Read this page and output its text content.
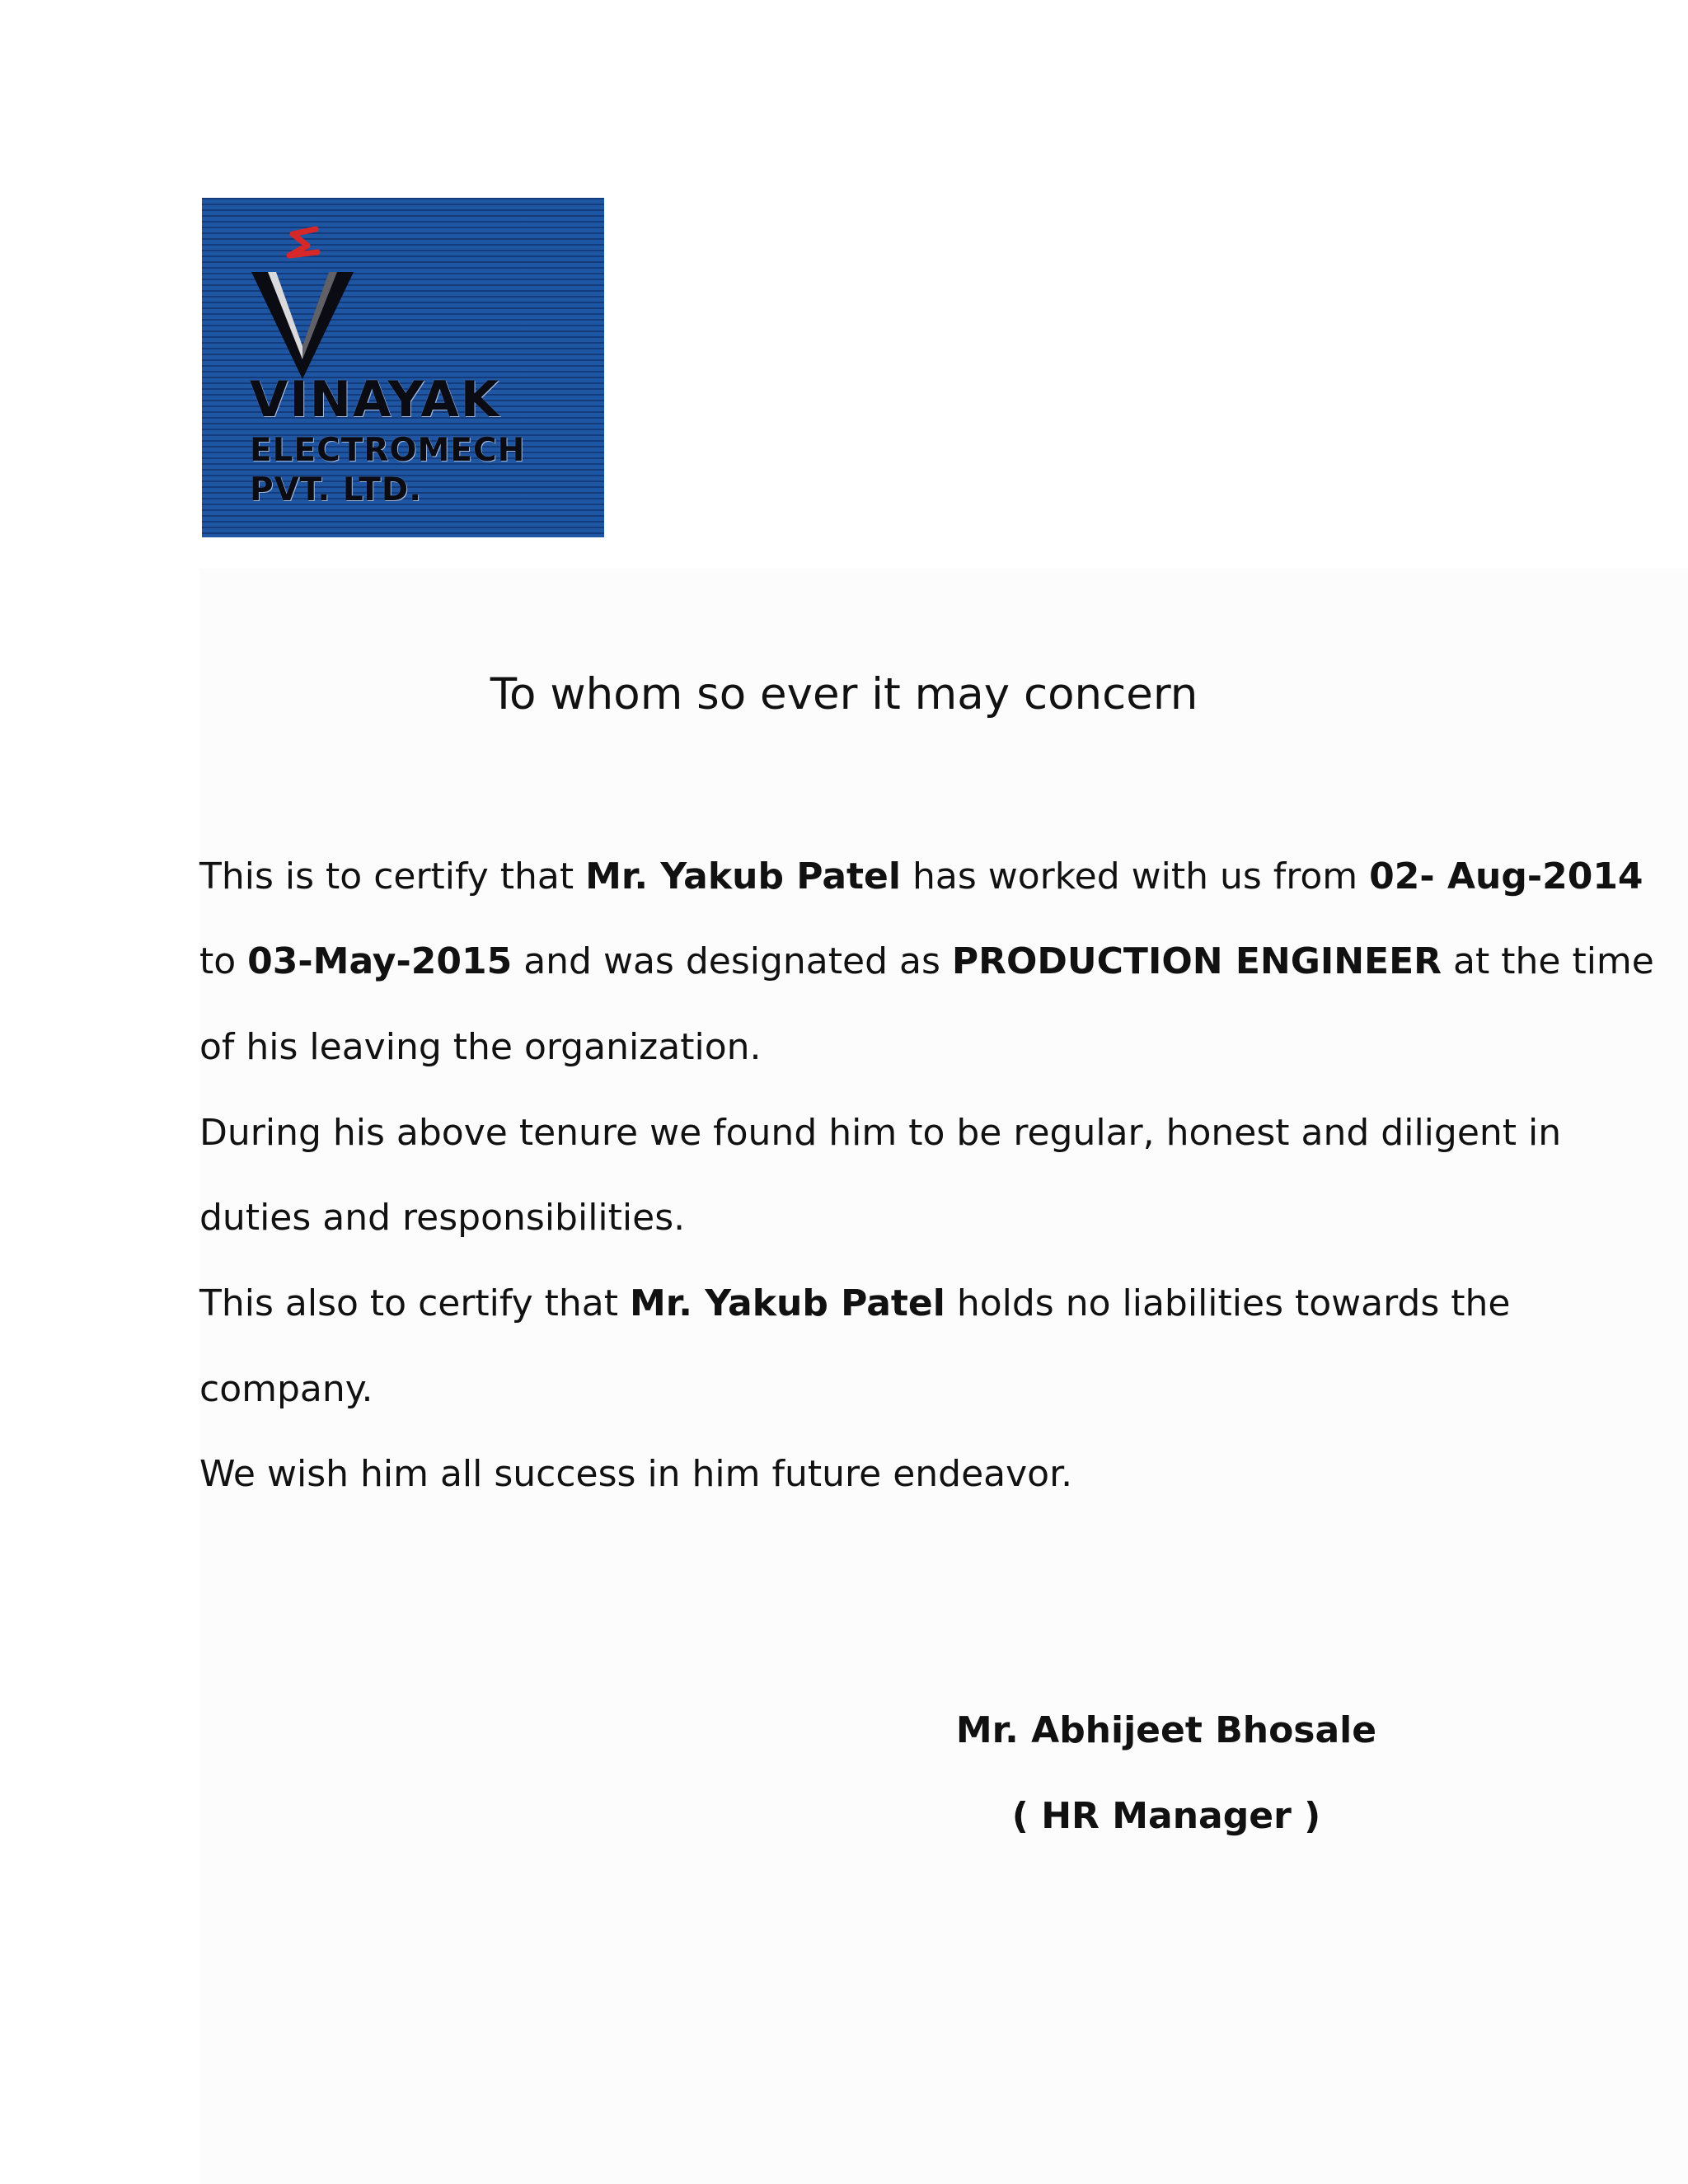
VINAYAK
ELECTROMECH
PVT. LTD.
To whom so ever it may concern
This is to certify that Mr. Yakub Patel has worked with us from 02- Aug-2014
to 03-May-2015 and was designated as PRODUCTION ENGINEER at the time
of his leaving the organization.
During his above tenure we found him to be regular, honest and diligent in
duties and responsibilities.
This also to certify that Mr. Yakub Patel holds no liabilities towards the
company.
We wish him all success in him future endeavor.
Mr. Abhijeet Bhosale
( HR Manager )
